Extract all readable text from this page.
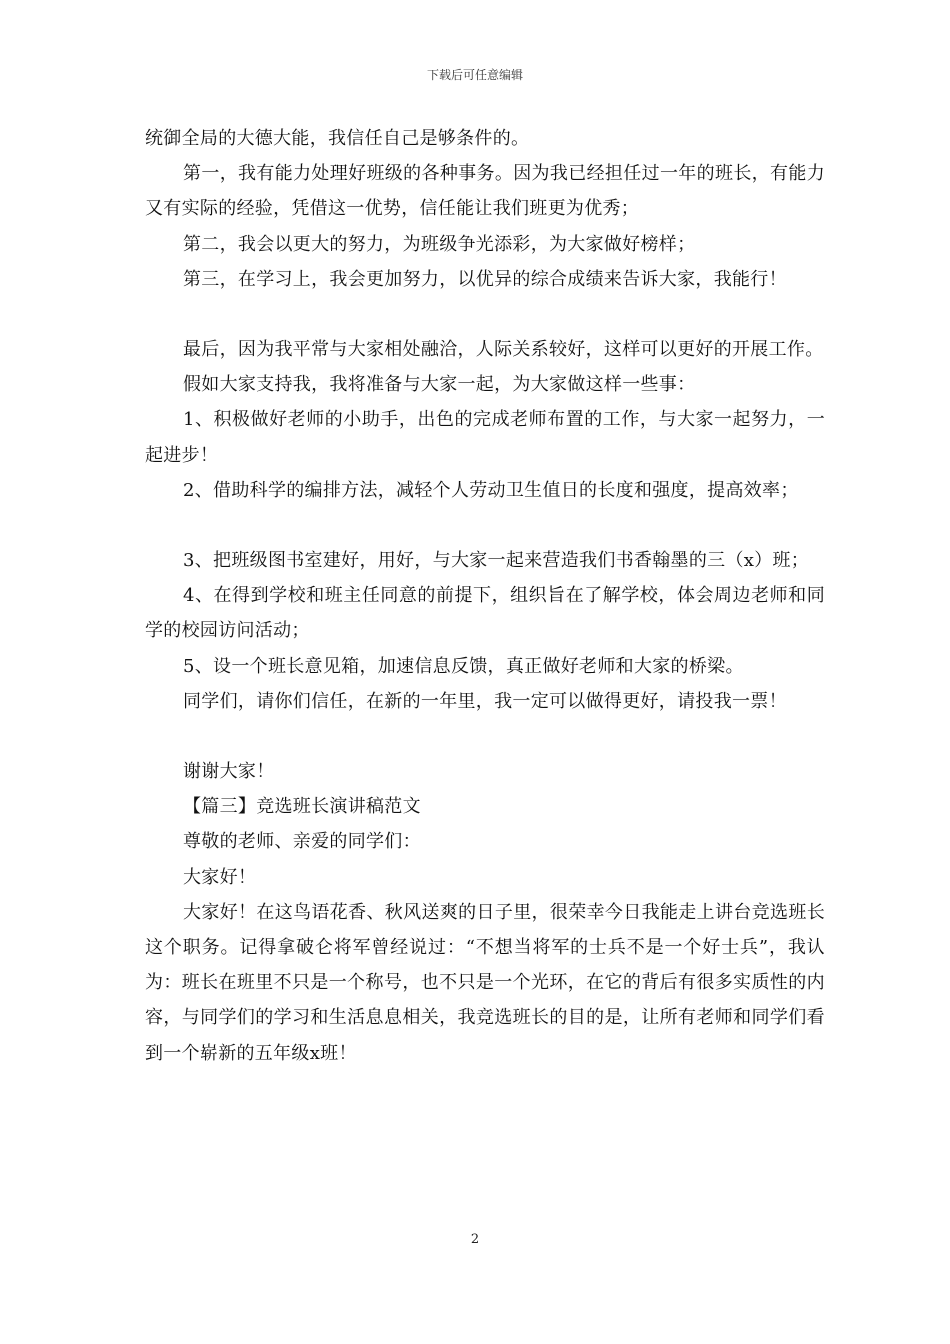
下载后可任意编辑

统御全局的大德大能，我信任自己是够条件的。

第一，我有能力处理好班级的各种事务。因为我已经担任过一年的班长，有能力又有实际的经验，凭借这一优势，信任能让我们班更为优秀；

第二，我会以更大的努力，为班级争光添彩，为大家做好榜样；

第三，在学习上，我会更加努力，以优异的综合成绩来告诉大家，我能行！

最后，因为我平常与大家相处融洽，人际关系较好，这样可以更好的开展工作。

假如大家支持我，我将准备与大家一起，为大家做这样一些事：

1、积极做好老师的小助手，出色的完成老师布置的工作，与大家一起努力，一起进步！

2、借助科学的编排方法，减轻个人劳动卫生值日的长度和强度，提高效率；

3、把班级图书室建好，用好，与大家一起来营造我们书香翰墨的三（x）班；

4、在得到学校和班主任同意的前提下，组织旨在了解学校，体会周边老师和同学的校园访问活动；

5、设一个班长意见箱，加速信息反馈，真正做好老师和大家的桥梁。

同学们，请你们信任，在新的一年里，我一定可以做得更好，请投我一票！

谢谢大家！

【篇三】竞选班长演讲稿范文

尊敬的老师、亲爱的同学们：

大家好！

大家好！在这鸟语花香、秋风送爽的日子里，很荣幸今日我能走上讲台竞选班长这个职务。记得拿破仑将军曾经说过：“不想当将军的士兵不是一个好士兵”，我认为：班长在班里不只是一个称号，也不只是一个光环，在它的背后有很多实质性的内容，与同学们的学习和生活息息相关，我竞选班长的目的是，让所有老师和同学们看到一个崭新的五年级x班！

2
